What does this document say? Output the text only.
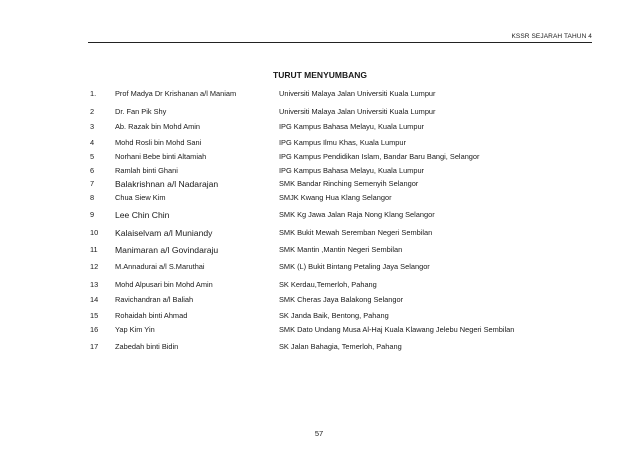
KSSR SEJARAH TAHUN 4
TURUT MENYUMBANG
1.	Prof Madya Dr Krishanan a/l Maniam	Universiti Malaya Jalan Universiti Kuala Lumpur
2	Dr. Fan Pik Shy	Universiti Malaya Jalan Universiti Kuala Lumpur
3	Ab. Razak bin Mohd Amin	IPG Kampus Bahasa Melayu, Kuala Lumpur
4	Mohd Rosli bin Mohd Sani	IPG Kampus Ilmu Khas, Kuala Lumpur
5	Norhani Bebe binti Altamiah	IPG Kampus Pendidikan Islam, Bandar Baru Bangi, Selangor
6	Ramlah binti Ghani	IPG Kampus Bahasa Melayu, Kuala Lumpur
7 Balakrishnan a/l Nadarajan	SMK Bandar Rinching Semenyih Selangor
8	Chua Siew Kim	SMJK Kwang Hua Klang Selangor
9 Lee Chin Chin	SMK Kg Jawa Jalan Raja Nong Klang Selangor
10 Kalaiselvam a/l Muniandy	SMK Bukit Mewah Seremban Negeri Sembilan
11 Manimaran a/l Govindaraju	SMK Mantin ,Mantin Negeri Sembilan
12 M.Annadurai a/l S.Maruthai	SMK (L) Bukit Bintang Petaling Jaya Selangor
13 Mohd Alpusari bin Mohd Amin	SK Kerdau,Temerloh, Pahang
14 Ravichandran a/l Baliah	SMK Cheras Jaya Balakong Selangor
15 Rohaidah binti Ahmad	SK Janda Baik, Bentong, Pahang
16 Yap Kim Yin	SMK Dato Undang Musa Al-Haj Kuala Klawang Jelebu Negeri Sembilan
17 Zabedah binti Bidin	SK Jalan Bahagia, Temerloh, Pahang
57
